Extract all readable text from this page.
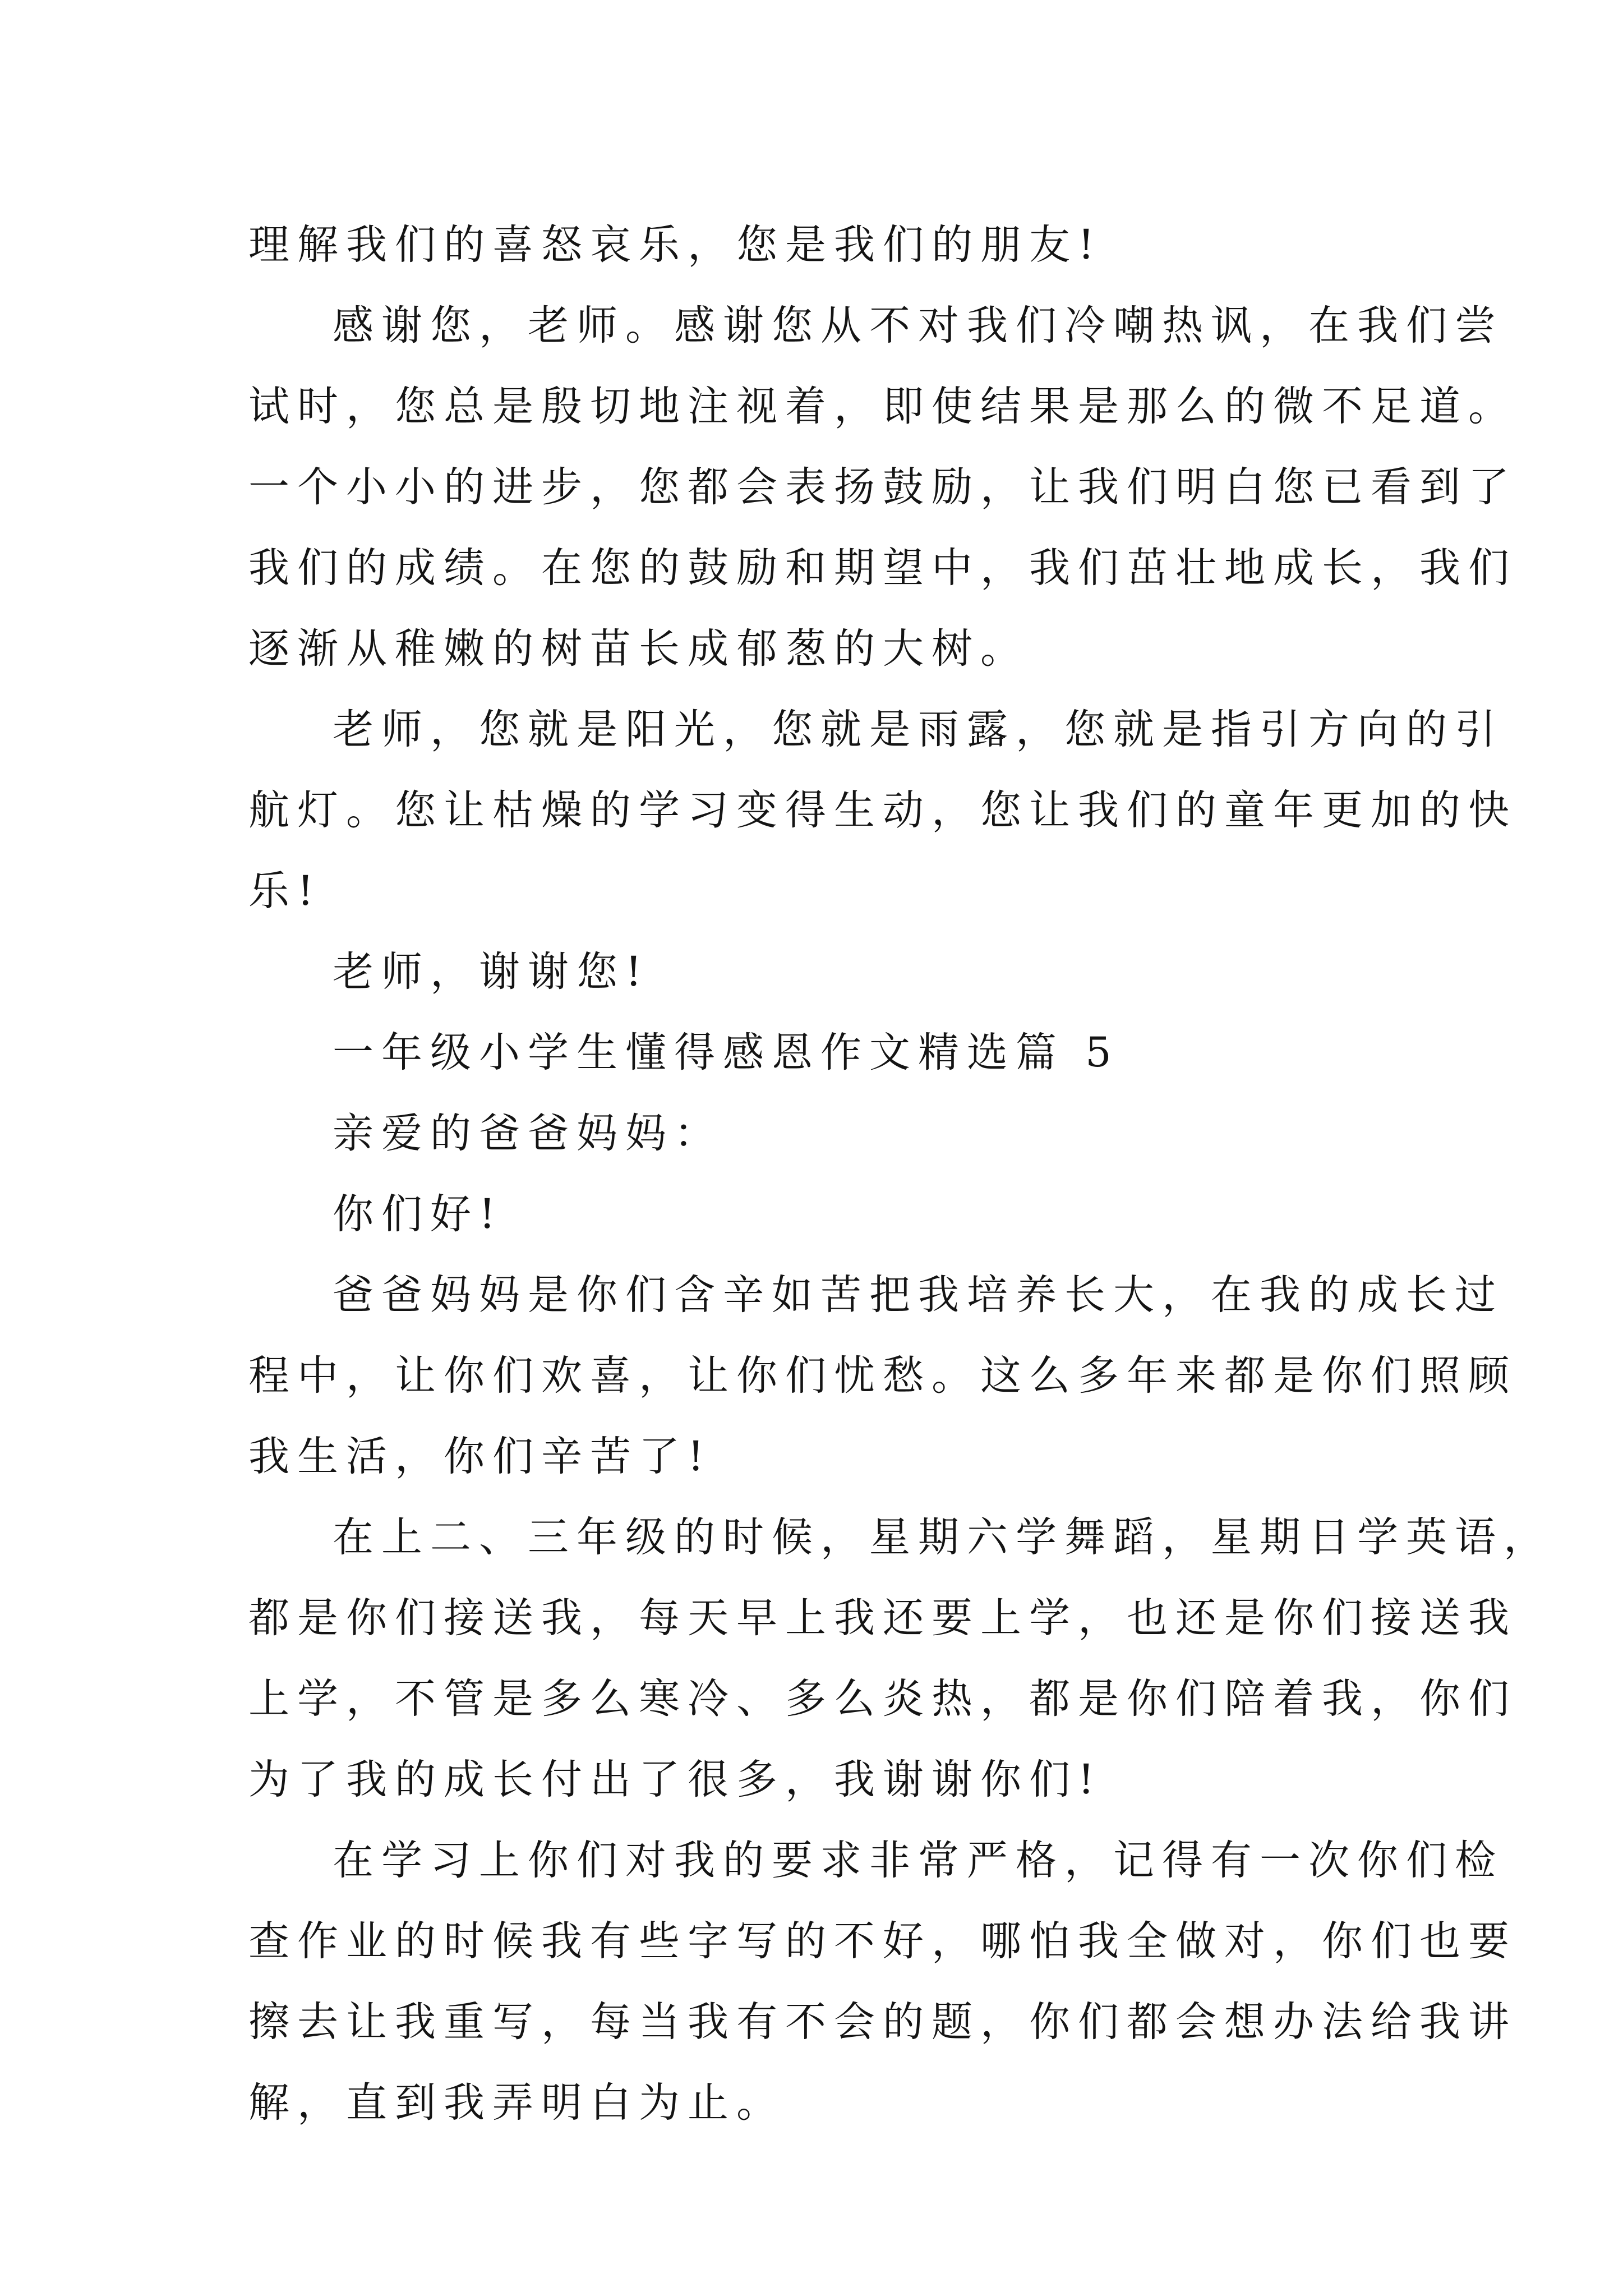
理解我们的喜怒哀乐，您是我们的朋友!
感谢您，老师。感谢您从不对我们冷嘲热讽，在我们尝
试时，您总是殷切地注视着，即使结果是那么的微不足道。
一个小小的进步，您都会表扬鼓励，让我们明白您已看到了
我们的成绩。在您的鼓励和期望中，我们茁壮地成长，我们
逐渐从稚嫩的树苗长成郁葱的大树。
老师，您就是阳光，您就是雨露，您就是指引方向的引
航灯。您让枯燥的学习变得生动，您让我们的童年更加的快
乐!
老师，谢谢您!
一年级小学生懂得感恩作文精选篇 5
亲爱的爸爸妈妈：
你们好!
爸爸妈妈是你们含辛如苦把我培养长大，在我的成长过
程中，让你们欢喜，让你们忧愁。这么多年来都是你们照顾
我生活，你们辛苦了!
在上二、三年级的时候，星期六学舞蹈，星期日学英语，
都是你们接送我，每天早上我还要上学，也还是你们接送我
上学，不管是多么寒冷、多么炎热，都是你们陪着我，你们
为了我的成长付出了很多，我谢谢你们!
在学习上你们对我的要求非常严格，记得有一次你们检
查作业的时候我有些字写的不好，哪怕我全做对，你们也要
擦去让我重写，每当我有不会的题，你们都会想办法给我讲
解，直到我弄明白为止。
